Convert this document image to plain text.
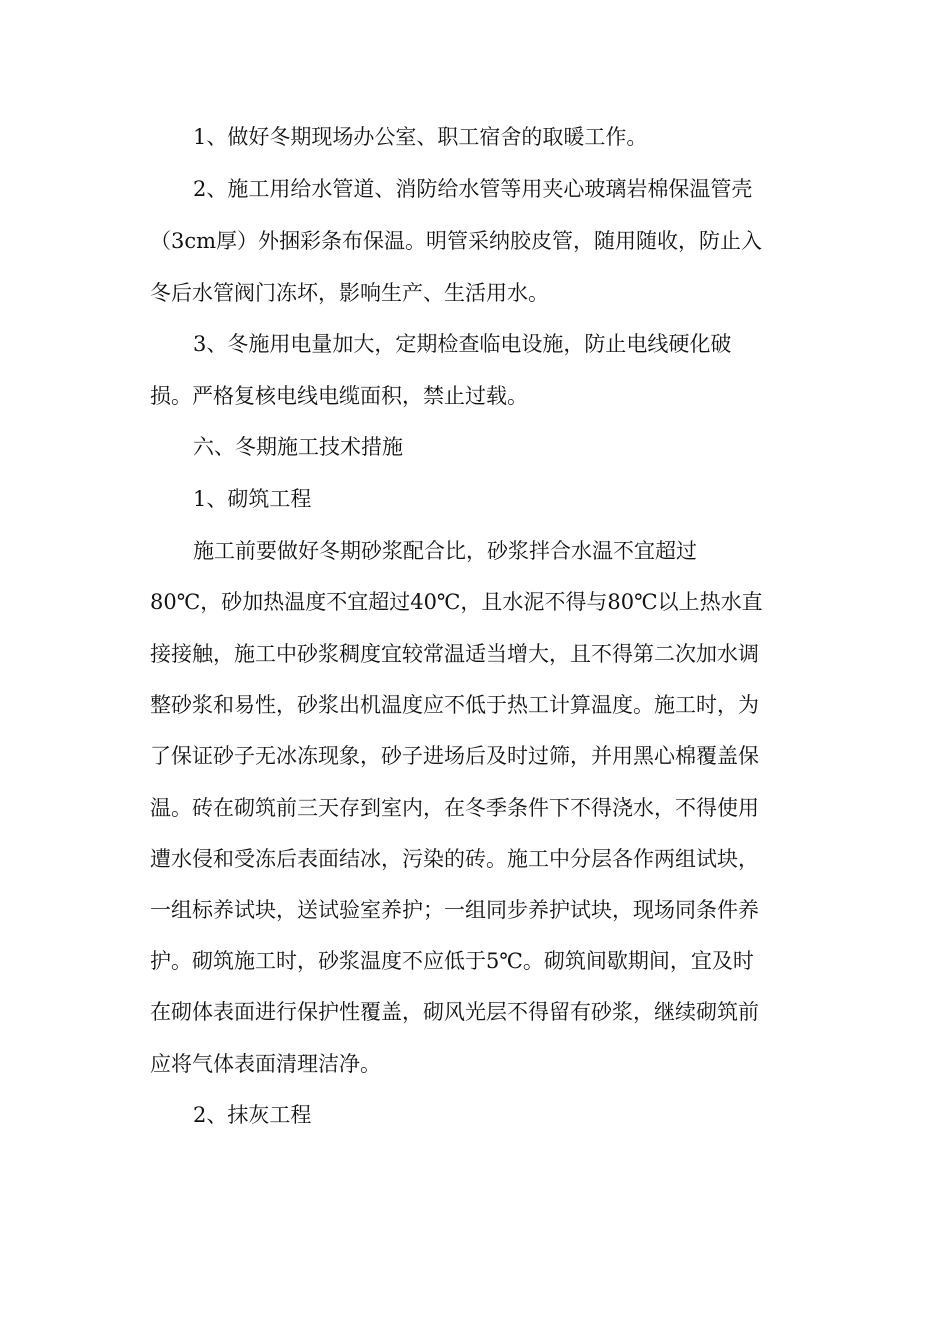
1、做好冬期现场办公室、职工宿舍的取暖工作。
2、施工用给水管道、消防给水管等用夹心玻璃岩棉保温管壳
（3cm厚）外捆彩条布保温。明管采纳胶皮管，随用随收，防止入
冬后水管阀门冻坏，影响生产、生活用水。
3、冬施用电量加大，定期检查临电设施，防止电线硬化破
损。严格复核电线电缆面积，禁止过载。
六、冬期施工技术措施
1、砌筑工程
施工前要做好冬期砂浆配合比，砂浆拌合水温不宜超过
80℃，砂加热温度不宜超过40℃，且水泥不得与80℃以上热水直
接接触，施工中砂浆稠度宜较常温适当增大，且不得第二次加水调
整砂浆和易性，砂浆出机温度应不低于热工计算温度。施工时，为
了保证砂子无冰冻现象，砂子进场后及时过筛，并用黑心棉覆盖保
温。砖在砌筑前三天存到室内，在冬季条件下不得浇水，不得使用
遭水侵和受冻后表面结冰，污染的砖。施工中分层各作两组试块，
一组标养试块，送试验室养护；一组同步养护试块，现场同条件养
护。砌筑施工时，砂浆温度不应低于5℃。砌筑间歇期间，宜及时
在砌体表面进行保护性覆盖，砌风光层不得留有砂浆，继续砌筑前
应将气体表面清理洁净。
2、抹灰工程
